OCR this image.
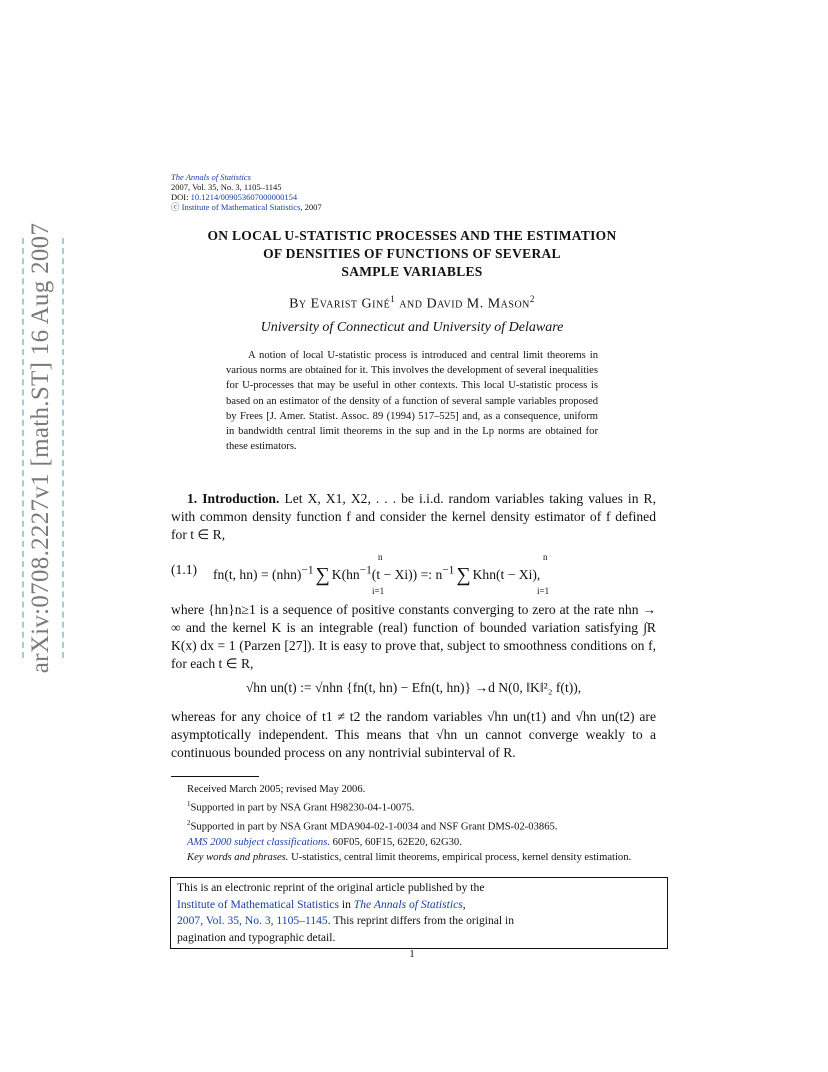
arXiv:0708.2227v1 [math.ST] 16 Aug 2007
The Annals of Statistics
2007, Vol. 35, No. 3, 1105–1145
DOI: 10.1214/009053607000000154
ⓒ Institute of Mathematical Statistics, 2007
ON LOCAL U-STATISTIC PROCESSES AND THE ESTIMATION
OF DENSITIES OF FUNCTIONS OF SEVERAL
SAMPLE VARIABLES
By Evarist Giné$^1$ and David M. Mason$^2$
University of Connecticut and University of Delaware
A notion of local U-statistic process is introduced and central limit theorems in various norms are obtained for it. This involves the development of several inequalities for U-processes that may be useful in other contexts. This local U-statistic process is based on an estimator of the density of a function of several sample variables proposed by Frees [J. Amer. Statist. Assoc. 89 (1994) 517–525] and, as a consequence, uniform in bandwidth central limit theorems in the sup and in the Lp norms are obtained for these estimators.
1. Introduction. Let X, X1, X2, . . . be i.i.d. random variables taking values in R, with common density function f and consider the kernel density estimator of f defined for t ∈ R,
(1.1) fn(t, hn) = (nhn)$^{-1}$ ∑ $K(hn^{-1}(t - Xi))$ =: $n^{-1}$ ∑ Khn(t − Xi),
n
i=1
n
i=1
where {hn}n≥1 is a sequence of positive constants converging to zero at the rate nhn → ∞ and the kernel K is an integrable (real) function of bounded variation satisfying ∫R K(x) dx = 1 (Parzen [27]). It is easy to prove that, subject to smoothness conditions on f, for each t ∈ R,
√hn un(t) := √nhn {fn(t, hn) − Efn(t, hn)} →d N(0, ‖K‖²₂ f(t)),
whereas for any choice of t1 ≠ t2 the random variables √hn un(t1) and √hn un(t2) are asymptotically independent. This means that √hn un cannot converge weakly to a continuous bounded process on any nontrivial subinterval of R.
Received March 2005; revised May 2006.
$^1$Supported in part by NSA Grant H98230-04-1-0075.
$^2$Supported in part by NSA Grant MDA904-02-1-0034 and NSF Grant DMS-02-03865.
AMS 2000 subject classifications. 60F05, 60F15, 62E20, 62G30.
Key words and phrases. U-statistics, central limit theorems, empirical process, kernel density estimation.
This is an electronic reprint of the original article published by the
Institute of Mathematical Statistics in The Annals of Statistics,
2007, Vol. 35, No. 3, 1105–1145. This reprint differs from the original in
pagination and typographic detail.
1
